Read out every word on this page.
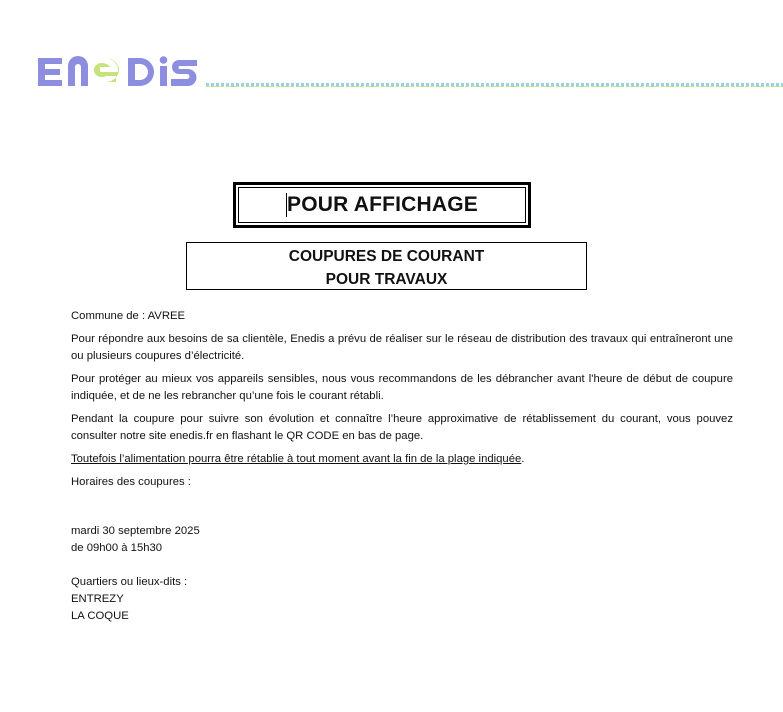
POUR AFFICHAGE
COUPURES DE COURANT
POUR TRAVAUX

Commune de : AVREE

Pour répondre aux besoins de sa clientèle, Enedis a prévu de réaliser sur le réseau de distribution des travaux qui entraîneront une ou plusieurs coupures d’électricité.

Pour protéger au mieux vos appareils sensibles, nous vous recommandons de les débrancher avant l'heure de début de coupure indiquée, et de ne les rebrancher qu’une fois le courant rétabli.

Pendant la coupure pour suivre son évolution et connaître l’heure approximative de rétablissement du courant, vous pouvez consulter notre site enedis.fr en flashant le QR CODE en bas de page.

Toutefois l’alimentation pourra être rétablie à tout moment avant la fin de la plage indiquée.

Horaires des coupures :

mardi 30 septembre 2025
de 09h00 à 15h30
Quartiers ou lieux-dits :
ENTREZY
LA COQUE
